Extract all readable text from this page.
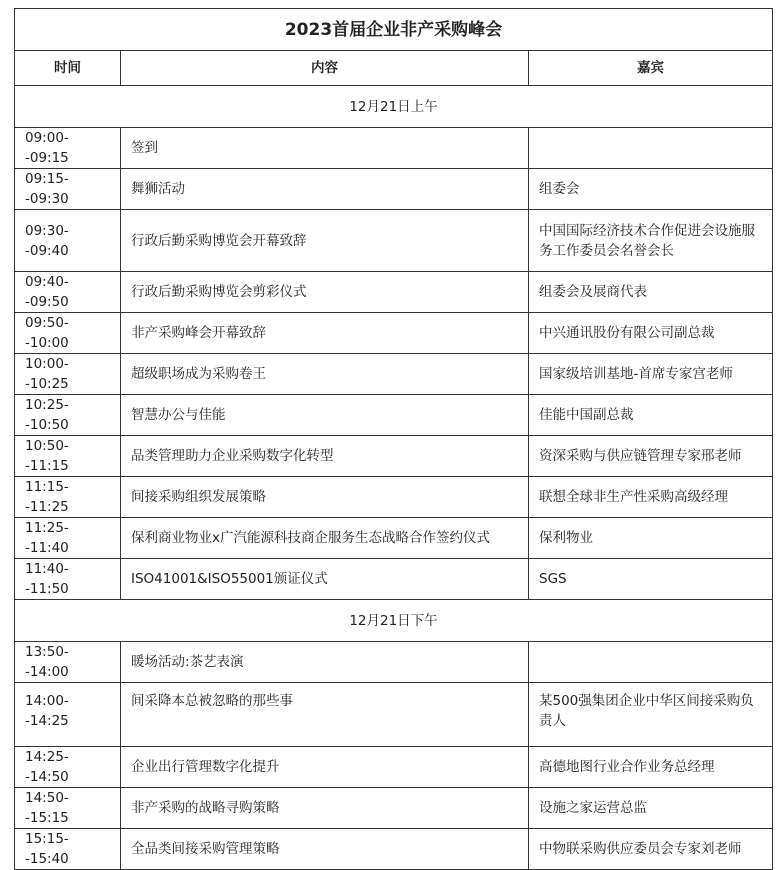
2023首届企业非产采购峰会		
时间	内容	嘉宾
12月21日上午		
09:00--09:15	签到	
09:15--09:30	舞狮活动	组委会
09:30--09:40	行政后勤采购博览会开幕致辞	中国国际经济技术合作促进会设施服务工作委员会名誉会长
09:40--09:50	行政后勤采购博览会剪彩仪式	组委会及展商代表
09:50--10:00	非产采购峰会开幕致辞	中兴通讯股份有限公司副总裁
10:00--10:25	超级职场成为采购卷王	国家级培训基地-首席专家宫老师
10:25--10:50	智慧办公与佳能	佳能中国副总裁
10:50--11:15	品类管理助力企业采购数字化转型	资深采购与供应链管理专家邢老师
11:15--11:25	间接采购组织发展策略	联想全球非生产性采购高级经理
11:25--11:40	保利商业物业x广汽能源科技商企服务生态战略合作签约仪式	保利物业
11:40--11:50	ISO41001&ISO55001颁证仪式	SGS
12月21日下午		
13:50--14:00	暖场活动:茶艺表演	
14:00--14:25	间采降本总被忽略的那些事	某500强集团企业中华区间接采购负责人
14:25--14:50	企业出行管理数字化提升	高德地图行业合作业务总经理
14:50--15:15	非产采购的战略寻购策略	设施之家运营总监
15:15--15:40	全品类间接采购管理策略	中物联采购供应委员会专家刘老师
